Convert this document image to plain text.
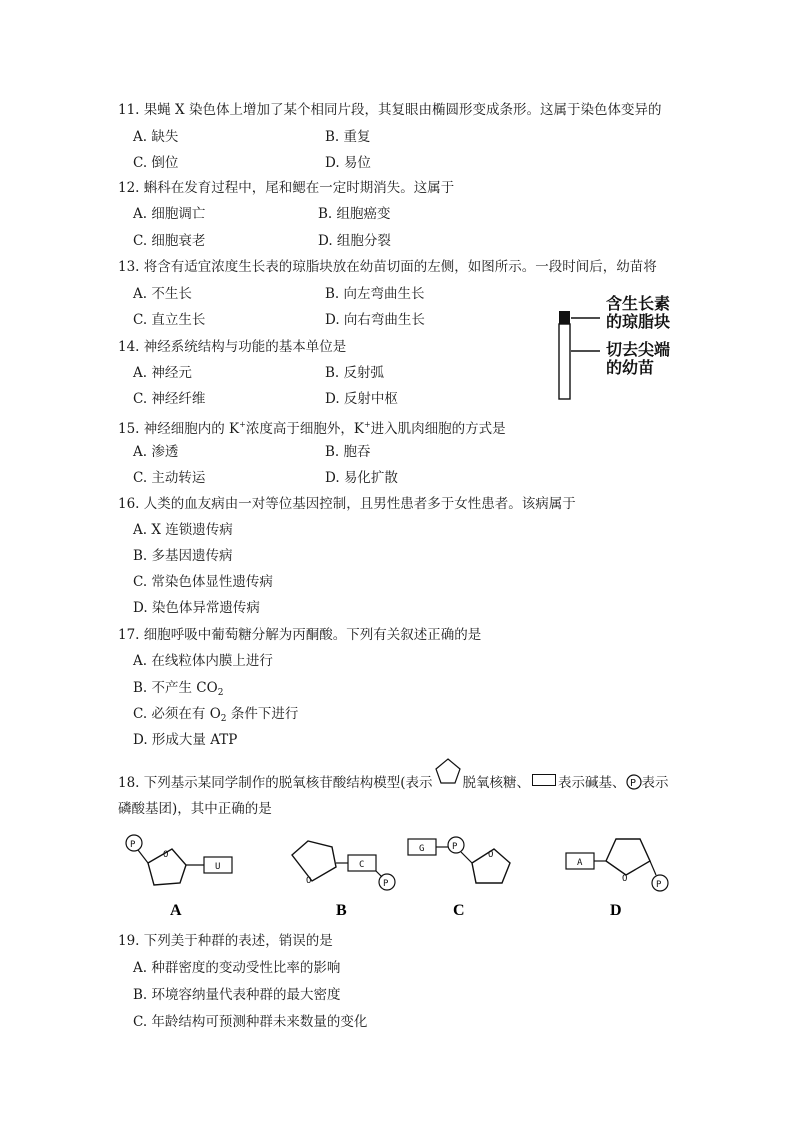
11. 果蝇 X 染色体上增加了某个相同片段，其复眼由椭圆形变成条形。这属于染色体变异的
A. 缺失	B. 重复
C. 倒位	D. 易位
12. 蝌科在发育过程中，尾和鳃在一定时期消失。这属于
A. 细胞调亡	B. 组胞癌变
C. 细胞衰老	D. 组胞分裂
13. 将含有适宜浓度生长表的琼脂块放在幼苗切面的左侧，如图所示。一段时间后，幼苗将
A. 不生长	B. 向左弯曲生长
C. 直立生长	D. 向右弯曲生长
含生长素
的琼脂块
切去尖端
的幼苗
14. 神经系统结构与功能的基本单位是
A. 神经元	B. 反射弧
C. 神经纤维	D. 反射中枢
15. 神经细胞内的 K+浓度高于细胞外，K+进入肌肉细胞的方式是
A. 渗透	B. 胞吞
C. 主动转运	D. 易化扩散
16. 人类的血友病由一对等位基因控制，且男性患者多于女性患者。该病属于
A. X 连锁遗传病
B. 多基因遗传病
C. 常染色体显性遗传病
D. 染色体异常遗传病
17. 细胞呼吸中葡萄糖分解为丙酮酸。下列有关叙述正确的是
A. 在线粒体内膜上进行
B. 不产生 $CO_2$
C. 必须在有 $O_2$ 条件下进行
D. 形成大量 ATP
18. 下列基示某同学制作的脱氧核苷酸结构模型(表示 脱氧核糖、 表示碱基、 P 表示
磷酸基团)，其中正确的是
P
O
U
A
O
C
P
B
G	P
O
C
A
O
P
D
19. 下列美于种群的表述，销误的是
A. 种群密度的变动受性比率的影响
B. 环境容纳量代表种群的最大密度
C. 年龄结构可预测种群未来数量的变化
